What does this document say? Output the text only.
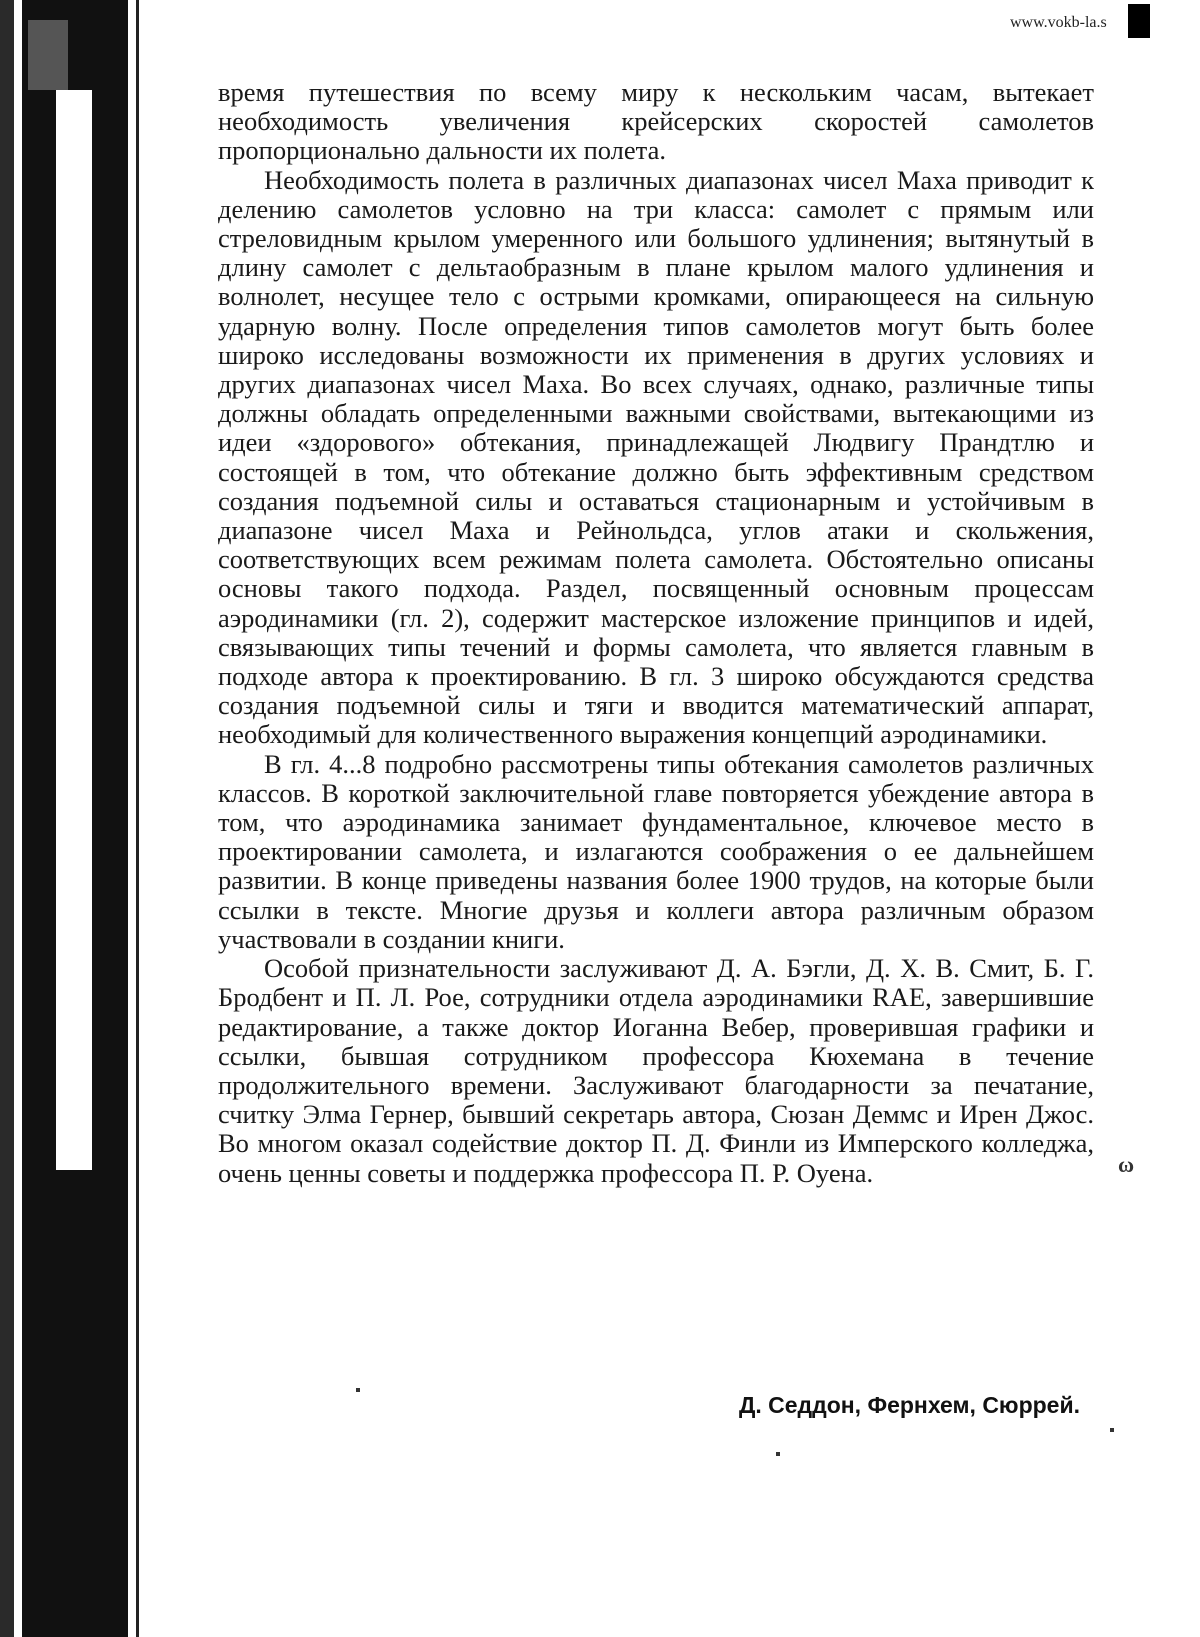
www.vokb-la.s

время путешествия по всему миру к нескольким часам, вытекает необходимость увеличения крейсерских скоростей самолетов пропорционально дальности их полета.

Необходимость полета в различных диапазонах чисел Маха приводит к делению самолетов условно на три класса: самолет с прямым или стреловидным крылом умеренного или большого удлинения; вытянутый в длину самолет с дельтаобразным в плане крылом малого удлинения и волнолет, несущее тело с острыми кромками, опирающееся на сильную ударную волну. После определения типов самолетов могут быть более широко исследованы возможности их применения в других условиях и других диапазонах чисел Маха. Во всех случаях, однако, различные типы должны обладать определенными важными свойствами, вытекающими из идеи «здорового» обтекания, принадлежащей Людвигу Прандтлю и состоящей в том, что обтекание должно быть эффективным средством создания подъемной силы и оставаться стационарным и устойчивым в диапазоне чисел Маха и Рейнольдса, углов атаки и скольжения, соответствующих всем режимам полета самолета. Обстоятельно описаны основы такого подхода. Раздел, посвященный основным процессам аэродинамики (гл. 2), содержит мастерское изложение принципов и идей, связывающих типы течений и формы самолета, что является главным в подходе автора к проектированию. В гл. 3 широко обсуждаются средства создания подъемной силы и тяги и вводится математический аппарат, необходимый для количественного выражения концепций аэродинамики.

В гл. 4...8 подробно рассмотрены типы обтекания самолетов различных классов. В короткой заключительной главе повторяется убеждение автора в том, что аэродинамика занимает фундаментальное, ключевое место в проектировании самолета, и излагаются соображения о ее дальнейшем развитии. В конце приведены названия более 1900 трудов, на которые были ссылки в тексте. Многие друзья и коллеги автора различным образом участвовали в создании книги.

Особой признательности заслуживают Д. А. Бэгли, Д. Х. В. Смит, Б. Г. Бродбент и П. Л. Рое, сотрудники отдела аэродинамики RAE, завершившие редактирование, а также доктор Иоганна Вебер, проверившая графики и ссылки, бывшая сотрудником профессора Кюхемана в течение продолжительного времени. Заслуживают благодарности за печатание, считку Элма Гернер, бывший секретарь автора, Сюзан Деммс и Ирен Джос. Во многом оказал содействие доктор П. Д. Финли из Имперского колледжа, очень ценны советы и поддержка профессора П. Р. Оуена.	ω
Д. Седдон, Фернхем, Сюррей.
